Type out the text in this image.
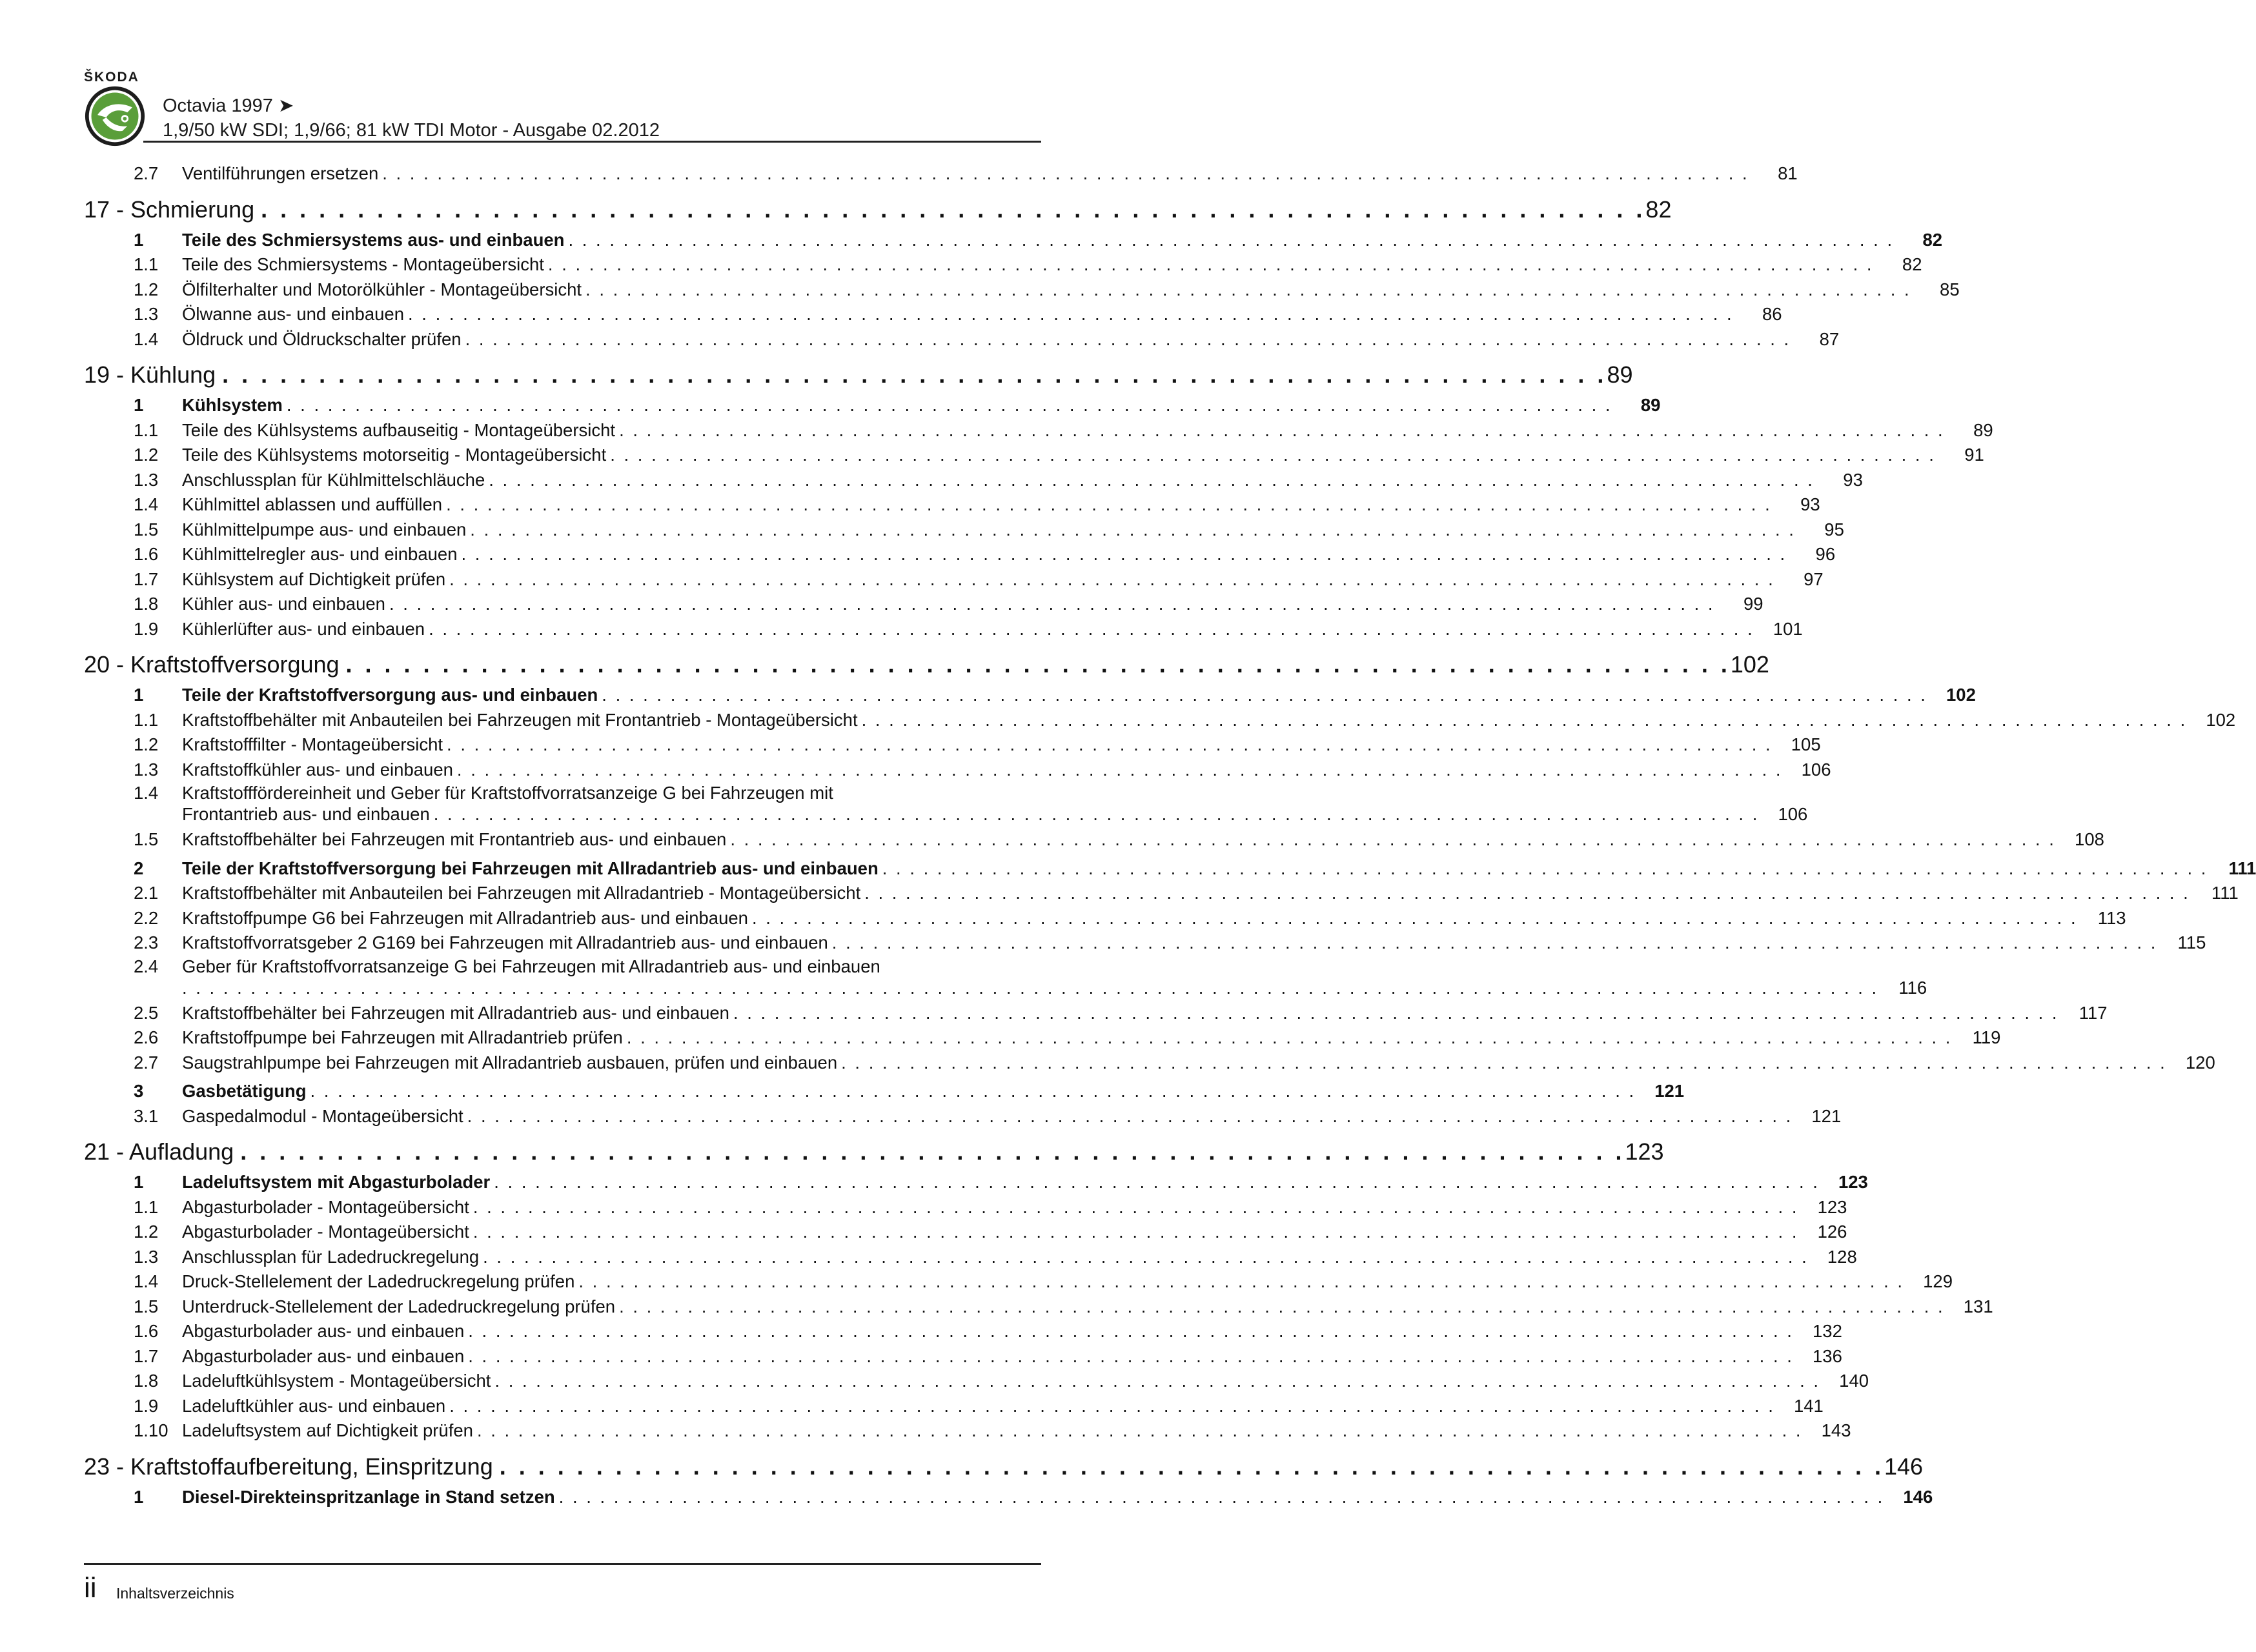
ŠKODA
Octavia 1997 ➤
1,9/50 kW SDI; 1,9/66; 81 kW TDI Motor - Ausgabe 02.2012
2.7	Ventilführungen ersetzen . . . . . . . . . . . . . . . . . . . . . . . . . . . . . . . . . . . . . . . . . . . . . . . . . . . . . . . . . . . . . . . . . . . . . . . . . . . . . . . . . . . . . . . . . . . . . . . . . . . .	81
17 - Schmierung . . . . . . . . . . . . . . . . . . . . . . . . . . . . . . . . . . . . . . . . . . . . . . . . . . . . . . . . . . . . . . . . . . . . . . . . 82
1	Teile des Schmiersystems aus- und einbauen . . . . . . . . . . . . . . . . . . . . . . . . . . . . . . . . . . . . . . . . . . . . . . . . . . . . . . . . . . . . . . . . . . . . . . . . . . . . . . . . . . . . . . . . . . . . . . . . .	82
1.1	Teile des Schmiersystems - Montageübersicht . . . . . . . . . . . . . . . . . . . . . . . . . . . . . . . . . . . . . . . . . . . . . . . . . . . . . . . . . . . . . . . . . . . . . . . . . . . . . . . . . . . . . . . . . . . . . . . . .	82
1.2	Ölfilterhalter und Motorölkühler - Montageübersicht . . . . . . . . . . . . . . . . . . . . . . . . . . . . . . . . . . . . . . . . . . . . . . . . . . . . . . . . . . . . . . . . . . . . . . . . . . . . . . . . . . . . . . . . . . . . . . . . .	85
1.3	Ölwanne aus- und einbauen . . . . . . . . . . . . . . . . . . . . . . . . . . . . . . . . . . . . . . . . . . . . . . . . . . . . . . . . . . . . . . . . . . . . . . . . . . . . . . . . . . . . . . . . . . . . . . . . .	86
1.4	Öldruck und Öldruckschalter prüfen . . . . . . . . . . . . . . . . . . . . . . . . . . . . . . . . . . . . . . . . . . . . . . . . . . . . . . . . . . . . . . . . . . . . . . . . . . . . . . . . . . . . . . . . . . . . . . . . .	87
19 - Kühlung . . . . . . . . . . . . . . . . . . . . . . . . . . . . . . . . . . . . . . . . . . . . . . . . . . . . . . . . . . . . . . . . . . . . . . . . 89
1	Kühlsystem . . . . . . . . . . . . . . . . . . . . . . . . . . . . . . . . . . . . . . . . . . . . . . . . . . . . . . . . . . . . . . . . . . . . . . . . . . . . . . . . . . . . . . . . . . . . . . . . .	89
1.1	Teile des Kühlsystems aufbauseitig - Montageübersicht . . . . . . . . . . . . . . . . . . . . . . . . . . . . . . . . . . . . . . . . . . . . . . . . . . . . . . . . . . . . . . . . . . . . . . . . . . . . . . . . . . . . . . . . . . . . . . . . .	89
1.2	Teile des Kühlsystems motorseitig - Montageübersicht . . . . . . . . . . . . . . . . . . . . . . . . . . . . . . . . . . . . . . . . . . . . . . . . . . . . . . . . . . . . . . . . . . . . . . . . . . . . . . . . . . . . . . . . . . . . . . . . .	91
1.3	Anschlussplan für Kühlmittelschläuche . . . . . . . . . . . . . . . . . . . . . . . . . . . . . . . . . . . . . . . . . . . . . . . . . . . . . . . . . . . . . . . . . . . . . . . . . . . . . . . . . . . . . . . . . . . . . . . . .	93
1.4	Kühlmittel ablassen und auffüllen . . . . . . . . . . . . . . . . . . . . . . . . . . . . . . . . . . . . . . . . . . . . . . . . . . . . . . . . . . . . . . . . . . . . . . . . . . . . . . . . . . . . . . . . . . . . . . . . .	93
1.5	Kühlmittelpumpe aus- und einbauen . . . . . . . . . . . . . . . . . . . . . . . . . . . . . . . . . . . . . . . . . . . . . . . . . . . . . . . . . . . . . . . . . . . . . . . . . . . . . . . . . . . . . . . . . . . . . . . . .	95
1.6	Kühlmittelregler aus- und einbauen . . . . . . . . . . . . . . . . . . . . . . . . . . . . . . . . . . . . . . . . . . . . . . . . . . . . . . . . . . . . . . . . . . . . . . . . . . . . . . . . . . . . . . . . . . . . . . . . .	96
1.7	Kühlsystem auf Dichtigkeit prüfen . . . . . . . . . . . . . . . . . . . . . . . . . . . . . . . . . . . . . . . . . . . . . . . . . . . . . . . . . . . . . . . . . . . . . . . . . . . . . . . . . . . . . . . . . . . . . . . . .	97
1.8	Kühler aus- und einbauen . . . . . . . . . . . . . . . . . . . . . . . . . . . . . . . . . . . . . . . . . . . . . . . . . . . . . . . . . . . . . . . . . . . . . . . . . . . . . . . . . . . . . . . . . . . . . . . . .	99
1.9	Kühlerlüfter aus- und einbauen . . . . . . . . . . . . . . . . . . . . . . . . . . . . . . . . . . . . . . . . . . . . . . . . . . . . . . . . . . . . . . . . . . . . . . . . . . . . . . . . . . . . . . . . . . . . . . . . .	101
20 - Kraftstoffversorgung . . . . . . . . . . . . . . . . . . . . . . . . . . . . . . . . . . . . . . . . . . . . . . . . . . . . . . . . . . . . . . . . . . . . . . . . 102
1	Teile der Kraftstoffversorgung aus- und einbauen . . . . . . . . . . . . . . . . . . . . . . . . . . . . . . . . . . . . . . . . . . . . . . . . . . . . . . . . . . . . . . . . . . . . . . . . . . . . . . . . . . . . . . . . . . . . . . . . .	102
1.1	Kraftstoffbehälter mit Anbauteilen bei Fahrzeugen mit Frontantrieb - Montageübersicht . . . . . . . . . . . . . . . . . . . . . . . . . . . . . . . . . . . . . . . . . . . . . . . . . . . . . . . . . . . . . . . . . . . . . . . . . . . . . . . . . . . . . . . . . . . . . . . . .	102
1.2	Kraftstofffilter - Montageübersicht . . . . . . . . . . . . . . . . . . . . . . . . . . . . . . . . . . . . . . . . . . . . . . . . . . . . . . . . . . . . . . . . . . . . . . . . . . . . . . . . . . . . . . . . . . . . . . . . .	105
1.3	Kraftstoffkühler aus- und einbauen . . . . . . . . . . . . . . . . . . . . . . . . . . . . . . . . . . . . . . . . . . . . . . . . . . . . . . . . . . . . . . . . . . . . . . . . . . . . . . . . . . . . . . . . . . . . . . . . .	106
1.4	Kraftstofffördereinheit und Geber für Kraftstoffvorratsanzeige G bei Fahrzeugen mit
Frontantrieb aus- und einbauen . . . . . . . . . . . . . . . . . . . . . . . . . . . . . . . . . . . . . . . . . . . . . . . . . . . . . . . . . . . . . . . . . . . . . . . . . . . . . . . . . . . . . . . . . . . . . . . . .	106
1.5	Kraftstoffbehälter bei Fahrzeugen mit Frontantrieb aus- und einbauen . . . . . . . . . . . . . . . . . . . . . . . . . . . . . . . . . . . . . . . . . . . . . . . . . . . . . . . . . . . . . . . . . . . . . . . . . . . . . . . . . . . . . . . . . . . . . . . . .	108
2	Teile der Kraftstoffversorgung bei Fahrzeugen mit Allradantrieb aus- und einbauen . . . . . . . . . . . . . . . . . . . . . . . . . . . . . . . . . . . . . . . . . . . . . . . . . . . . . . . . . . . . . . . . . . . . . . . . . . . . . . . . . . . . . . . . . . . . . . . . .	111
2.1	Kraftstoffbehälter mit Anbauteilen bei Fahrzeugen mit Allradantrieb - Montageübersicht . . . . . . . . . . . . . . . . . . . . . . . . . . . . . . . . . . . . . . . . . . . . . . . . . . . . . . . . . . . . . . . . . . . . . . . . . . . . . . . . . . . . . . . . . . . . . . . . .	111
2.2	Kraftstoffpumpe G6 bei Fahrzeugen mit Allradantrieb aus- und einbauen . . . . . . . . . . . . . . . . . . . . . . . . . . . . . . . . . . . . . . . . . . . . . . . . . . . . . . . . . . . . . . . . . . . . . . . . . . . . . . . . . . . . . . . . . . . . . . . . .	113
2.3	Kraftstoffvorratsgeber 2 G169 bei Fahrzeugen mit Allradantrieb aus- und einbauen . . . . . . . . . . . . . . . . . . . . . . . . . . . . . . . . . . . . . . . . . . . . . . . . . . . . . . . . . . . . . . . . . . . . . . . . . . . . . . . . . . . . . . . . . . . . . . . . .	115
2.4	Geber für Kraftstoffvorratsanzeige G bei Fahrzeugen mit Allradantrieb aus- und einbauen
. . . . . . . . . . . . . . . . . . . . . . . . . . . . . . . . . . . . . . . . . . . . . . . . . . . . . . . . . . . . . . . . . . . . . . . . . . . . . . . . . . . . . . . . . . . . . . . . . . . . . . . . . . . . . . . . . . . . . . . . . . . .	116
2.5	Kraftstoffbehälter bei Fahrzeugen mit Allradantrieb aus- und einbauen . . . . . . . . . . . . . . . . . . . . . . . . . . . . . . . . . . . . . . . . . . . . . . . . . . . . . . . . . . . . . . . . . . . . . . . . . . . . . . . . . . . . . . . . . . . . . . . . .	117
2.6	Kraftstoffpumpe bei Fahrzeugen mit Allradantrieb prüfen . . . . . . . . . . . . . . . . . . . . . . . . . . . . . . . . . . . . . . . . . . . . . . . . . . . . . . . . . . . . . . . . . . . . . . . . . . . . . . . . . . . . . . . . . . . . . . . . .	119
2.7	Saugstrahlpumpe bei Fahrzeugen mit Allradantrieb ausbauen, prüfen und einbauen . . . . . . . . . . . . . . . . . . . . . . . . . . . . . . . . . . . . . . . . . . . . . . . . . . . . . . . . . . . . . . . . . . . . . . . . . . . . . . . . . . . . . . . . . . . . . . . . .	120
3	Gasbetätigung . . . . . . . . . . . . . . . . . . . . . . . . . . . . . . . . . . . . . . . . . . . . . . . . . . . . . . . . . . . . . . . . . . . . . . . . . . . . . . . . . . . . . . . . . . . . . . . . .	121
3.1	Gaspedalmodul - Montageübersicht . . . . . . . . . . . . . . . . . . . . . . . . . . . . . . . . . . . . . . . . . . . . . . . . . . . . . . . . . . . . . . . . . . . . . . . . . . . . . . . . . . . . . . . . . . . . . . . . .	121
21 - Aufladung . . . . . . . . . . . . . . . . . . . . . . . . . . . . . . . . . . . . . . . . . . . . . . . . . . . . . . . . . . . . . . . . . . . . . . . . 123
1	Ladeluftsystem mit Abgasturbolader . . . . . . . . . . . . . . . . . . . . . . . . . . . . . . . . . . . . . . . . . . . . . . . . . . . . . . . . . . . . . . . . . . . . . . . . . . . . . . . . . . . . . . . . . . . . . . . . .	123
1.1	Abgasturbolader - Montageübersicht . . . . . . . . . . . . . . . . . . . . . . . . . . . . . . . . . . . . . . . . . . . . . . . . . . . . . . . . . . . . . . . . . . . . . . . . . . . . . . . . . . . . . . . . . . . . . . . . .	123
1.2	Abgasturbolader - Montageübersicht . . . . . . . . . . . . . . . . . . . . . . . . . . . . . . . . . . . . . . . . . . . . . . . . . . . . . . . . . . . . . . . . . . . . . . . . . . . . . . . . . . . . . . . . . . . . . . . . .	126
1.3	Anschlussplan für Ladedruckregelung . . . . . . . . . . . . . . . . . . . . . . . . . . . . . . . . . . . . . . . . . . . . . . . . . . . . . . . . . . . . . . . . . . . . . . . . . . . . . . . . . . . . . . . . . . . . . . . . .	128
1.4	Druck-Stellelement der Ladedruckregelung prüfen . . . . . . . . . . . . . . . . . . . . . . . . . . . . . . . . . . . . . . . . . . . . . . . . . . . . . . . . . . . . . . . . . . . . . . . . . . . . . . . . . . . . . . . . . . . . . . . . .	129
1.5	Unterdruck-Stellelement der Ladedruckregelung prüfen . . . . . . . . . . . . . . . . . . . . . . . . . . . . . . . . . . . . . . . . . . . . . . . . . . . . . . . . . . . . . . . . . . . . . . . . . . . . . . . . . . . . . . . . . . . . . . . . .	131
1.6	Abgasturbolader aus- und einbauen . . . . . . . . . . . . . . . . . . . . . . . . . . . . . . . . . . . . . . . . . . . . . . . . . . . . . . . . . . . . . . . . . . . . . . . . . . . . . . . . . . . . . . . . . . . . . . . . .	132
1.7	Abgasturbolader aus- und einbauen . . . . . . . . . . . . . . . . . . . . . . . . . . . . . . . . . . . . . . . . . . . . . . . . . . . . . . . . . . . . . . . . . . . . . . . . . . . . . . . . . . . . . . . . . . . . . . . . .	136
1.8	Ladeluftkühlsystem - Montageübersicht . . . . . . . . . . . . . . . . . . . . . . . . . . . . . . . . . . . . . . . . . . . . . . . . . . . . . . . . . . . . . . . . . . . . . . . . . . . . . . . . . . . . . . . . . . . . . . . . .	140
1.9	Ladeluftkühler aus- und einbauen . . . . . . . . . . . . . . . . . . . . . . . . . . . . . . . . . . . . . . . . . . . . . . . . . . . . . . . . . . . . . . . . . . . . . . . . . . . . . . . . . . . . . . . . . . . . . . . . .	141
1.10 Ladeluftsystem auf Dichtigkeit prüfen . . . . . . . . . . . . . . . . . . . . . . . . . . . . . . . . . . . . . . . . . . . . . . . . . . . . . . . . . . . . . . . . . . . . . . . . . . . . . . . . . . . . . . . . . . . . . . . . .	143
23 - Kraftstoffaufbereitung, Einspritzung . . . . . . . . . . . . . . . . . . . . . . . . . . . . . . . . . . . . . . . . . . . . . . . . . . . . . . . . . . . . . . . . . . . . . . . . 146
1	Diesel-Direkteinspritzanlage in Stand setzen . . . . . . . . . . . . . . . . . . . . . . . . . . . . . . . . . . . . . . . . . . . . . . . . . . . . . . . . . . . . . . . . . . . . . . . . . . . . . . . . . . . . . . . . . . . . . . . . .	146
ii Inhaltsverzeichnis
